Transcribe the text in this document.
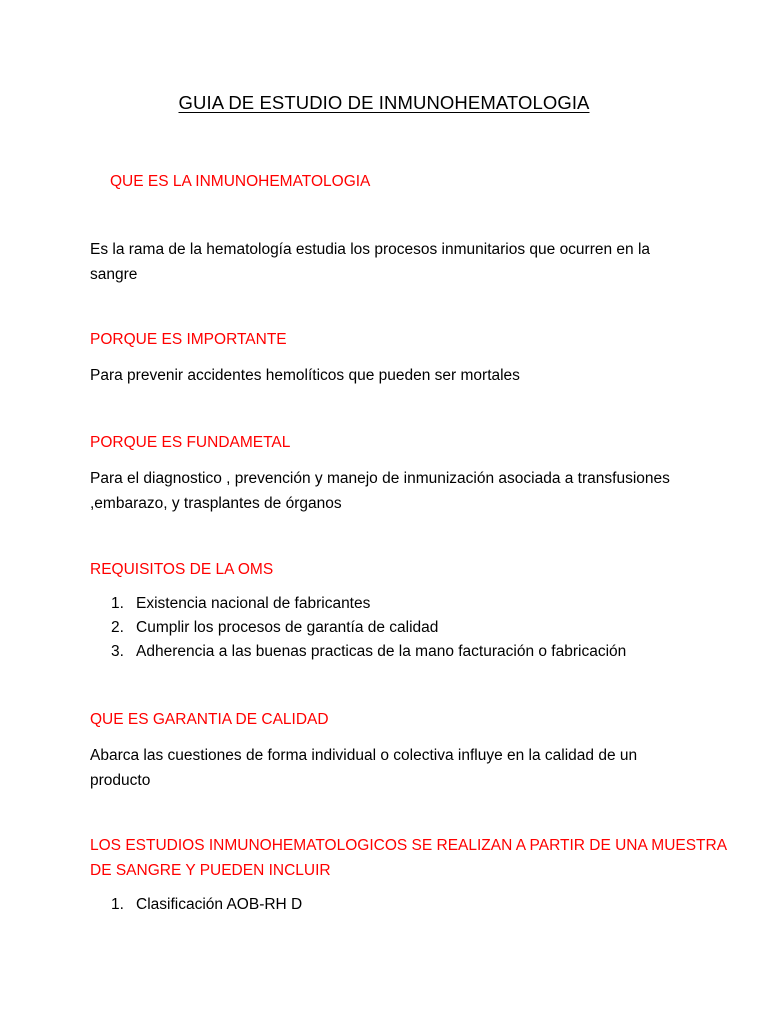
GUIA DE ESTUDIO DE INMUNOHEMATOLOGIA
QUE ES LA INMUNOHEMATOLOGIA
Es la rama de la hematología estudia los procesos inmunitarios que ocurren en la sangre
PORQUE ES IMPORTANTE
Para prevenir accidentes hemolíticos que pueden ser mortales
PORQUE ES FUNDAMETAL
Para el diagnostico , prevención y manejo de inmunización asociada a transfusiones ,embarazo, y trasplantes de órganos
REQUISITOS DE LA OMS
1. Existencia nacional de fabricantes
2. Cumplir los procesos de garantía de calidad
3. Adherencia a las buenas practicas de la mano facturación o fabricación
QUE ES GARANTIA DE CALIDAD
Abarca las cuestiones de forma individual o colectiva influye en la calidad de un producto
LOS ESTUDIOS INMUNOHEMATOLOGICOS SE REALIZAN A PARTIR DE UNA MUESTRA
DE SANGRE Y PUEDEN INCLUIR
1. Clasificación AOB-RH D
